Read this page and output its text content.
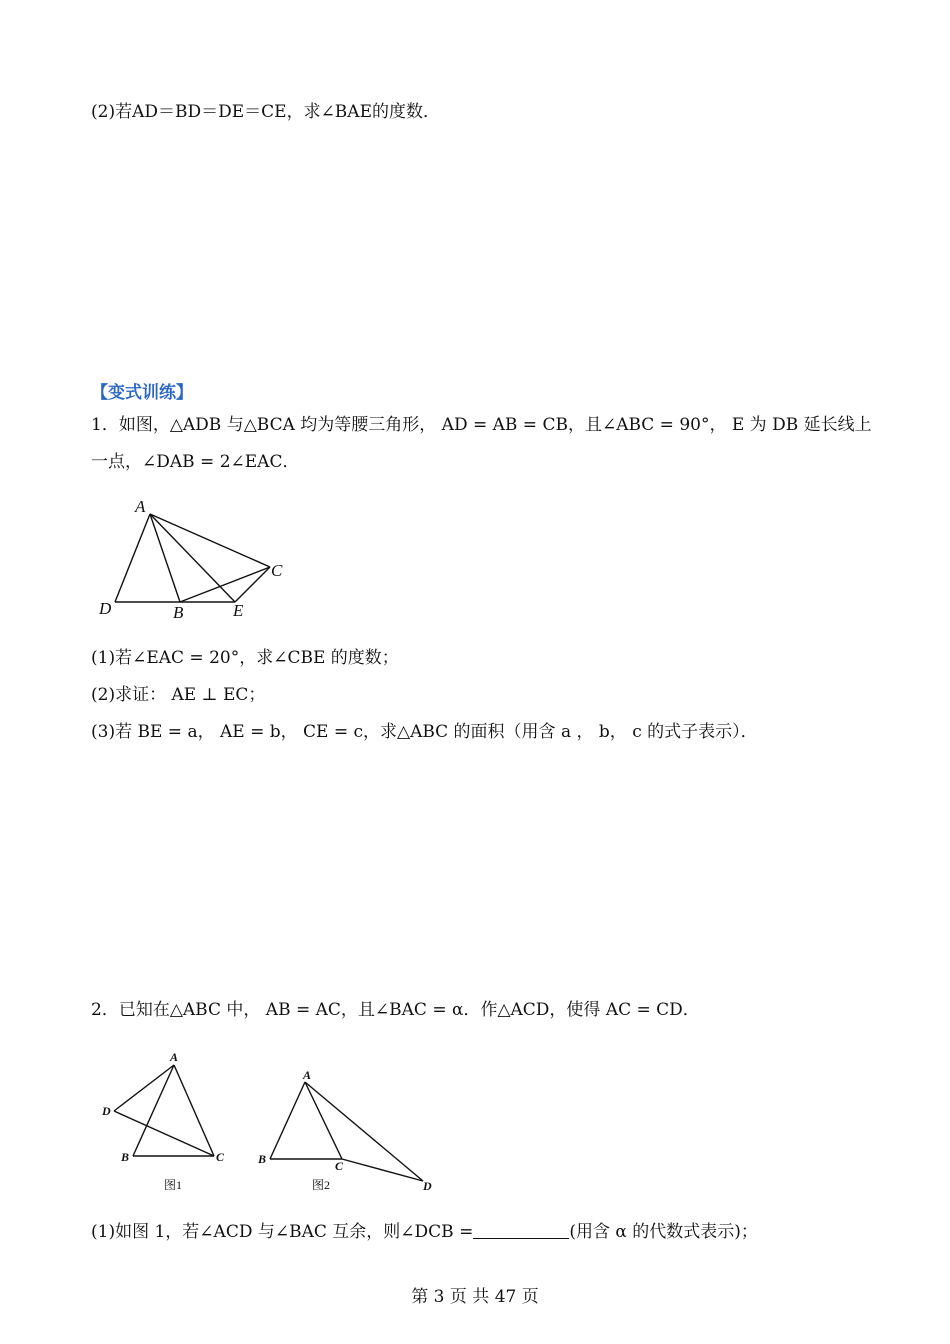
(2)若AD＝BD＝DE＝CE，求∠BAE的度数．
【变式训练】
1．如图，△ADB 与△BCA 均为等腰三角形， AD = AB = CB，且∠ABC = 90°， E 为 DB 延长线上
一点，∠DAB = 2∠EAC．
A
D	B	E
C
(1)若∠EAC = 20°，求∠CBE 的度数；
(2)求证： AE ⊥ EC；
(3)若 BE = a， AE = b， CE = c，求△ABC 的面积（用含 a ， b， c 的式子表示）．
2．已知在△ABC 中， AB = AC，且∠BAC = α．作△ACD，使得 AC = CD．
A
D
B	C
图1
A
B	C
D
图2
(1)如图 1，若∠ACD 与∠BAC 互余，则∠DCB =	(用含 α 的代数式表示)；
第 3 页 共 47 页
